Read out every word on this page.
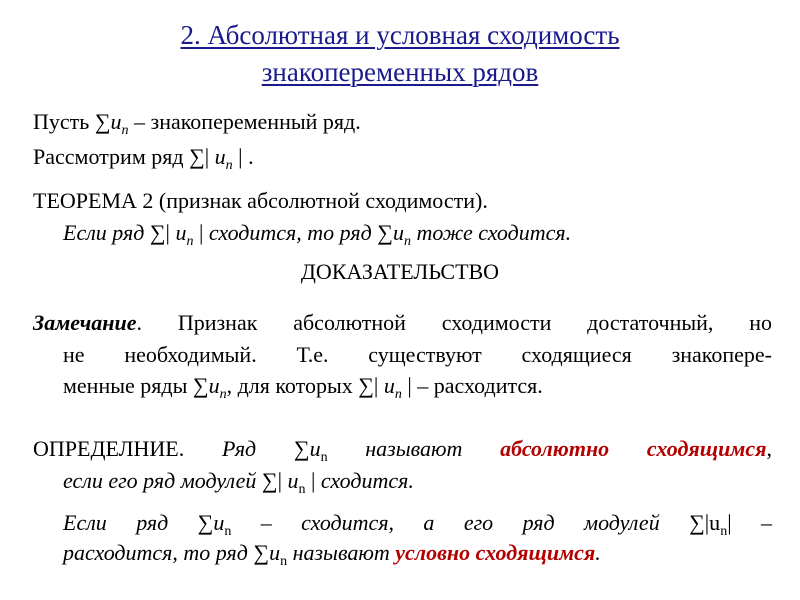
2. Абсолютная и условная сходимость
знакопеременных рядов
Пусть $\sum u_n$ – знакопеременный ряд.
Рассмотрим ряд ∑| $u_n$ | .
ТЕОРЕМА 2 (признак абсолютной сходимости).
Если ряд ∑| $u_n$ | сходится, то ряд $\sum u_n$ тоже сходится.
ДОКАЗАТЕЛЬСТВО
Замечание. Признак абсолютной сходимости достаточный, но
не необходимый. Т.е. существуют сходящиеся знакопере-
менные ряды $\sum u_n$, для которых ∑| $u_n$ | – расходится.
ОПРЕДЕЛНИЕ. Ряд $\sum u_n$ называют абсолютно сходящимся,
если его ряд модулей ∑| $u_n$ | сходится.
Если ряд $\sum u_n$ – сходится, а его ряд модулей $\sum|u_n|$ –
расходится, то ряд $\sum u_n$ называют условно сходящимся.
